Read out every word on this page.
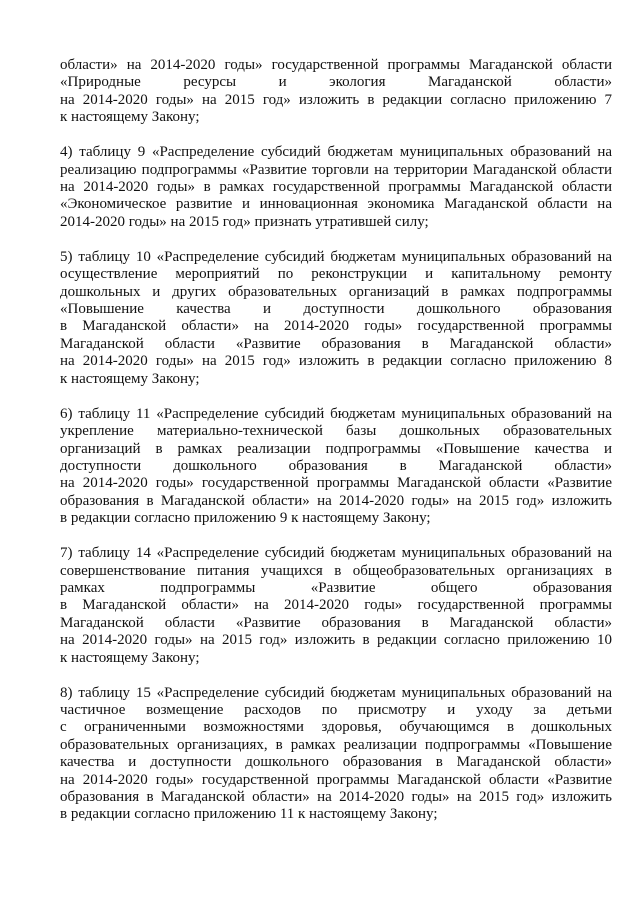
области» на 2014-2020 годы» государственной программы Магаданской области
«Природные ресурсы и экология Магаданской области»
на 2014-2020 годы» на 2015 год» изложить в редакции согласно приложению 7
к настоящему Закону;

4) таблицу 9 «Распределение субсидий бюджетам муниципальных образований на
реализацию подпрограммы «Развитие торговли на территории Магаданской области
на 2014-2020 годы» в рамках государственной программы Магаданской области
«Экономическое развитие и инновационная экономика Магаданской области на
2014-2020 годы» на 2015 год» признать утратившей силу;

5) таблицу 10 «Распределение субсидий бюджетам муниципальных образований на
осуществление мероприятий по реконструкции и капитальному ремонту
дошкольных и других образовательных организаций в рамках подпрограммы
«Повышение качества и доступности дошкольного образования
в Магаданской области» на 2014-2020 годы» государственной программы
Магаданской области «Развитие образования в Магаданской области»
на 2014-2020 годы» на 2015 год» изложить в редакции согласно приложению 8
к настоящему Закону;

6) таблицу 11 «Распределение субсидий бюджетам муниципальных образований на
укрепление материально-технической базы дошкольных образовательных
организаций в рамках реализации подпрограммы «Повышение качества и
доступности дошкольного образования в Магаданской области»
на 2014-2020 годы» государственной программы Магаданской области «Развитие
образования в Магаданской области» на 2014-2020 годы» на 2015 год» изложить
в редакции согласно приложению 9 к настоящему Закону;

7) таблицу 14 «Распределение субсидий бюджетам муниципальных образований на
совершенствование питания учащихся в общеобразовательных организациях в
рамках подпрограммы «Развитие общего образования
в Магаданской области» на 2014-2020 годы» государственной программы
Магаданской области «Развитие образования в Магаданской области»
на 2014-2020 годы» на 2015 год» изложить в редакции согласно приложению 10
к настоящему Закону;

8) таблицу 15 «Распределение субсидий бюджетам муниципальных образований на
частичное возмещение расходов по присмотру и уходу за детьми
с ограниченными возможностями здоровья, обучающимся в дошкольных
образовательных организациях, в рамках реализации подпрограммы «Повышение
качества и доступности дошкольного образования в Магаданской области»
на 2014-2020 годы» государственной программы Магаданской области «Развитие
образования в Магаданской области» на 2014-2020 годы» на 2015 год» изложить
в редакции согласно приложению 11 к настоящему Закону;
